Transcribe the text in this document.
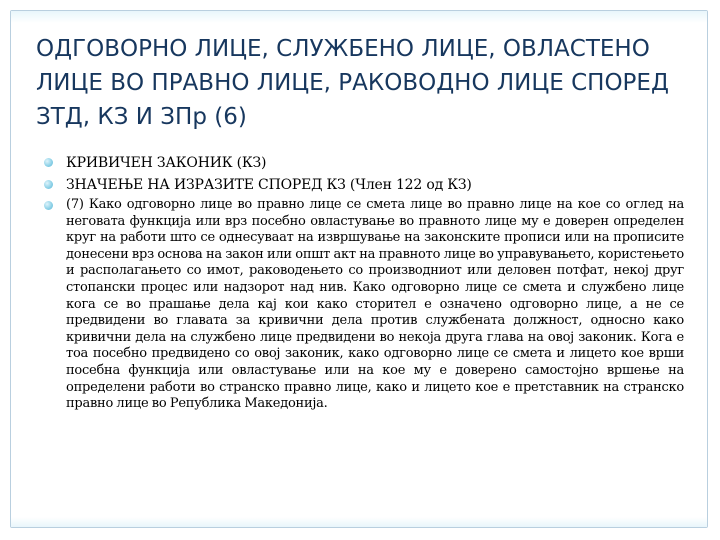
ОДГОВОРНО ЛИЦЕ, СЛУЖБЕНО ЛИЦЕ, ОВЛАСТЕНО ЛИЦЕ ВО ПРАВНО ЛИЦЕ, РАКОВОДНО ЛИЦЕ СПОРЕД ЗТД, КЗ И ЗПр (6)
КРИВИЧЕН ЗАКОНИК (КЗ)
ЗНАЧЕЊЕ НА ИЗРАЗИТЕ СПОРЕД КЗ (Член 122 од КЗ)
(7) Како одговорно лице во правно лице се смета лице во правно лице на кое со оглед на неговата функција или врз посебно овластување во правното лице му е доверен определен круг на работи што се однесуваат на извршување на законските прописи или на прописите донесени врз основа на закон или општ акт на правното лице во управувањето, користењето и располагањето со имот, раководењето со производниот или деловен потфат, некој друг стопански процес или надзорот над нив. Како одговорно лице се смета и службено лице кога се во прашање дела кај кои како сторител е означено одговорно лице, а не се предвидени во главата за кривични дела против службената должност, односно како кривични дела на службено лице предвидени во некоја друга глава на овој законик. Кога е тоа посебно предвидено со овој законик, како одговорно лице се смета и лицето кое врши посебна функција или овластување или на кое му е доверено самостојно вршење на определени работи во странско правно лице, како и лицето кое е претставник на странско правно лице во Република Македонија.
